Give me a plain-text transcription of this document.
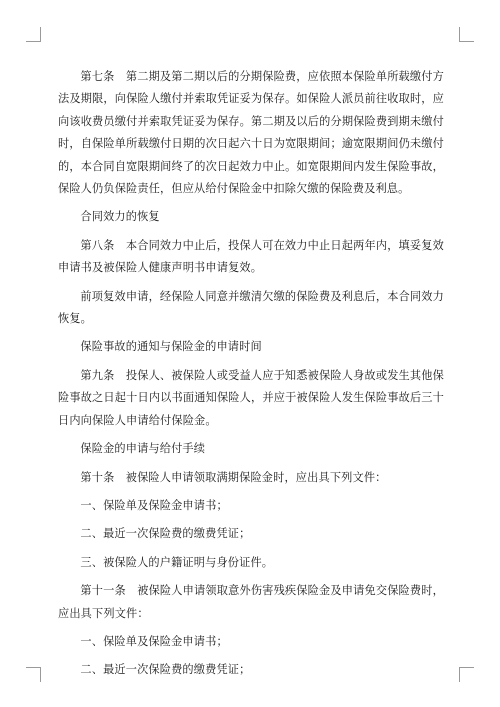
第七条　第二期及第二期以后的分期保险费，应依照本保险单所载缴付方法及期限，向保险人缴付并索取凭证妥为保存。如保险人派员前往收取时，应向该收费员缴付并索取凭证妥为保存。第二期及以后的分期保险费到期未缴付时，自保险单所载缴付日期的次日起六十日为宽限期间；逾宽限期间仍未缴付的，本合同自宽限期间终了的次日起效力中止。如宽限期间内发生保险事故，保险人仍负保险责任，但应从给付保险金中扣除欠缴的保险费及利息。

合同效力的恢复

第八条　本合同效力中止后，投保人可在效力中止日起两年内，填妥复效申请书及被保险人健康声明书申请复效。

前项复效申请，经保险人同意并缴清欠缴的保险费及利息后，本合同效力恢复。

保险事故的通知与保险金的申请时间

第九条　投保人、被保险人或受益人应于知悉被保险人身故或发生其他保险事故之日起十日内以书面通知保险人，并应于被保险人发生保险事故后三十日内向保险人申请给付保险金。

保险金的申请与给付手续

第十条　被保险人申请领取满期保险金时，应出具下列文件：

一、保险单及保险金申请书；

二、最近一次保险费的缴费凭证；

三、被保险人的户籍证明与身份证件。

第十一条　被保险人申请领取意外伤害残疾保险金及申请免交保险费时，应出具下列文件：

一、保险单及保险金申请书；

二、最近一次保险费的缴费凭证；
